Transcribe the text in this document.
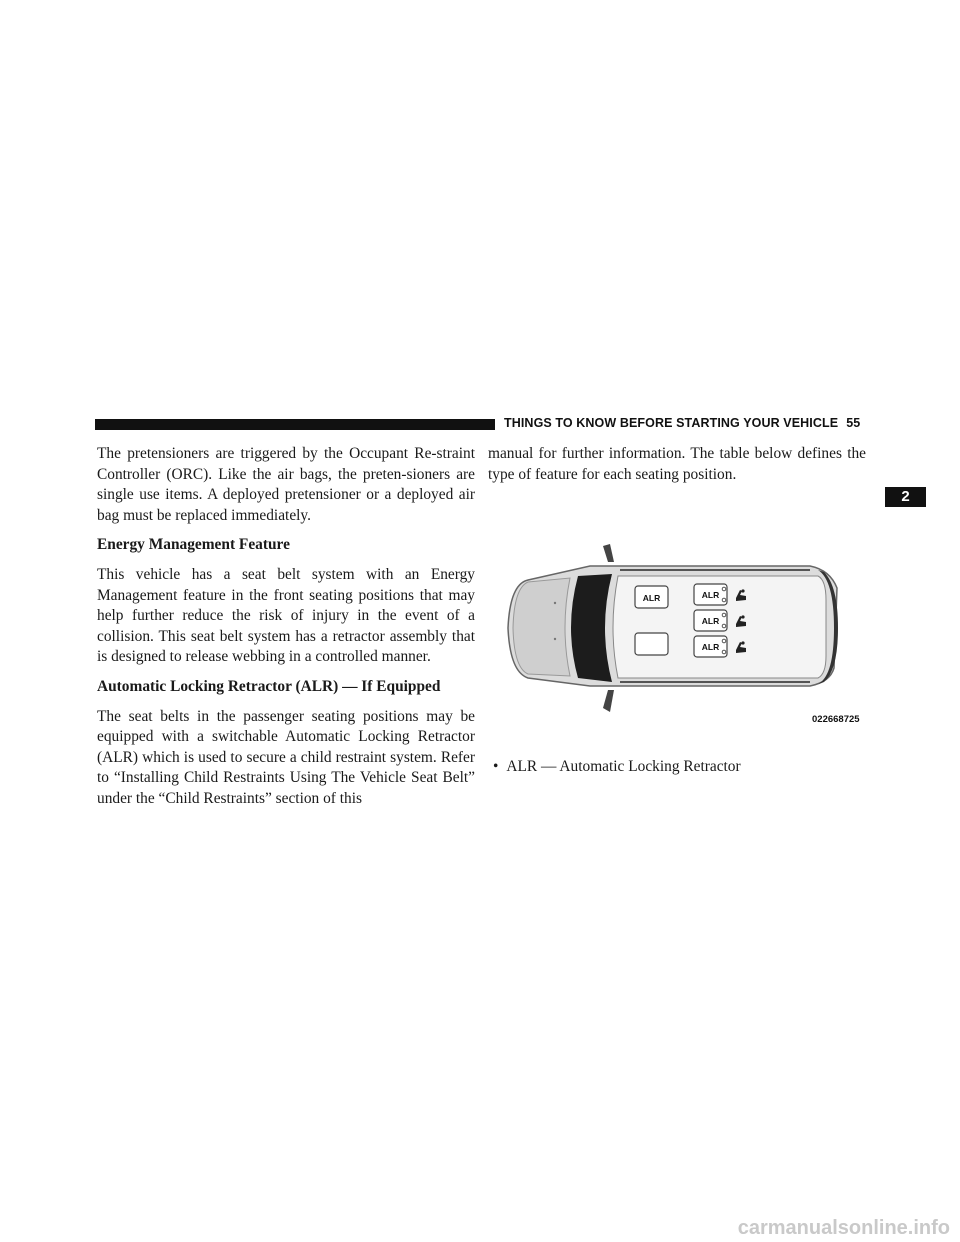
THINGS TO KNOW BEFORE STARTING YOUR VEHICLE 55
2

The pretensioners are triggered by the Occupant Re-straint Controller (ORC). Like the air bags, the preten-sioners are single use items. A deployed pretensioner or a deployed air bag must be replaced immediately.

Energy Management Feature

This vehicle has a seat belt system with an Energy Management feature in the front seating positions that may help further reduce the risk of injury in the event of a collision. This seat belt system has a retractor assembly that is designed to release webbing in a controlled manner.

Automatic Locking Retractor (ALR) — If Equipped

The seat belts in the passenger seating positions may be equipped with a switchable Automatic Locking Retractor (ALR) which is used to secure a child restraint system. Refer to “Installing Child Restraints Using The Vehicle Seat Belt” under the “Child Restraints” section of this

manual for further information. The table below defines the type of feature for each seating position.

ALR	ALR
ALR
ALR
022668725
• ALR — Automatic Locking Retractor
carmanualsonline.info
